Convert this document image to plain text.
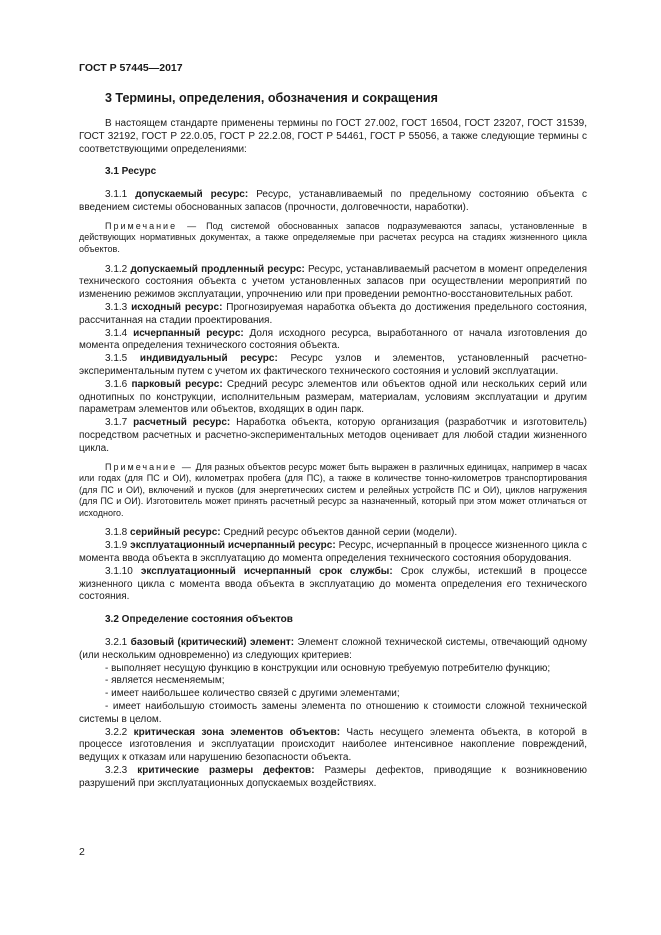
ГОСТ Р 57445—2017

3 Термины, определения, обозначения и сокращения

В настоящем стандарте применены термины по ГОСТ 27.002, ГОСТ 16504, ГОСТ 23207, ГОСТ 31539, ГОСТ 32192, ГОСТ Р 22.0.05, ГОСТ Р 22.2.08, ГОСТ Р 54461, ГОСТ Р 55056, а также следующие термины с соответствующими определениями:

3.1 Ресурс

3.1.1 допускаемый ресурс: Ресурс, устанавливаемый по предельному состоянию объекта с введением системы обоснованных запасов (прочности, долговечности, наработки).

Примечание — Под системой обоснованных запасов подразумеваются запасы, установленные в действующих нормативных документах, а также определяемые при расчетах ресурса на стадиях жизненного цикла объектов.

3.1.2 допускаемый продленный ресурс: Ресурс, устанавливаемый расчетом в момент определения технического состояния объекта с учетом установленных запасов при осуществлении мероприятий по изменению режимов эксплуатации, упрочнению или при проведении ремонтно-восстановительных работ.

3.1.3 исходный ресурс: Прогнозируемая наработка объекта до достижения предельного состояния, рассчитанная на стадии проектирования.

3.1.4 исчерпанный ресурс: Доля исходного ресурса, выработанного от начала изготовления до момента определения технического состояния объекта.

3.1.5 индивидуальный ресурс: Ресурс узлов и элементов, установленный расчетно-экспериментальным путем с учетом их фактического технического состояния и условий эксплуатации.

3.1.6 парковый ресурс: Средний ресурс элементов или объектов одной или нескольких серий или однотипных по конструкции, исполнительным размерам, материалам, условиям эксплуатации и другим параметрам элементов или объектов, входящих в один парк.

3.1.7 расчетный ресурс: Наработка объекта, которую организация (разработчик и изготовитель) посредством расчетных и расчетно-экспериментальных методов оценивает для любой стадии жизненного цикла.

Примечание — Для разных объектов ресурс может быть выражен в различных единицах, например в часах или годах (для ПС и ОИ), километрах пробега (для ПС), а также в количестве тонно-километров транспортирования (для ПС и ОИ), включений и пусков (для энергетических систем и релейных устройств ПС и ОИ), циклов нагружения (для ПС и ОИ). Изготовитель может принять расчетный ресурс за назначенный, который при этом может отличаться от исходного.

3.1.8 серийный ресурс: Средний ресурс объектов данной серии (модели).

3.1.9 эксплуатационный исчерпанный ресурс: Ресурс, исчерпанный в процессе жизненного цикла с момента ввода объекта в эксплуатацию до момента определения технического состояния оборудования.

3.1.10 эксплуатационный исчерпанный срок службы: Срок службы, истекший в процессе жизненного цикла с момента ввода объекта в эксплуатацию до момента определения его технического состояния.

3.2 Определение состояния объектов

3.2.1 базовый (критический) элемент: Элемент сложной технической системы, отвечающий одному (или нескольким одновременно) из следующих критериев:

- выполняет несущую функцию в конструкции или основную требуемую потребителю функцию;

- является несменяемым;

- имеет наибольшее количество связей с другими элементами;

- имеет наибольшую стоимость замены элемента по отношению к стоимости сложной технической системы в целом.

3.2.2 критическая зона элементов объектов: Часть несущего элемента объекта, в которой в процессе изготовления и эксплуатации происходит наиболее интенсивное накопление повреждений, ведущих к отказам или нарушению безопасности объекта.

3.2.3 критические размеры дефектов: Размеры дефектов, приводящие к возникновению разрушений при эксплуатационных допускаемых воздействиях.

2
